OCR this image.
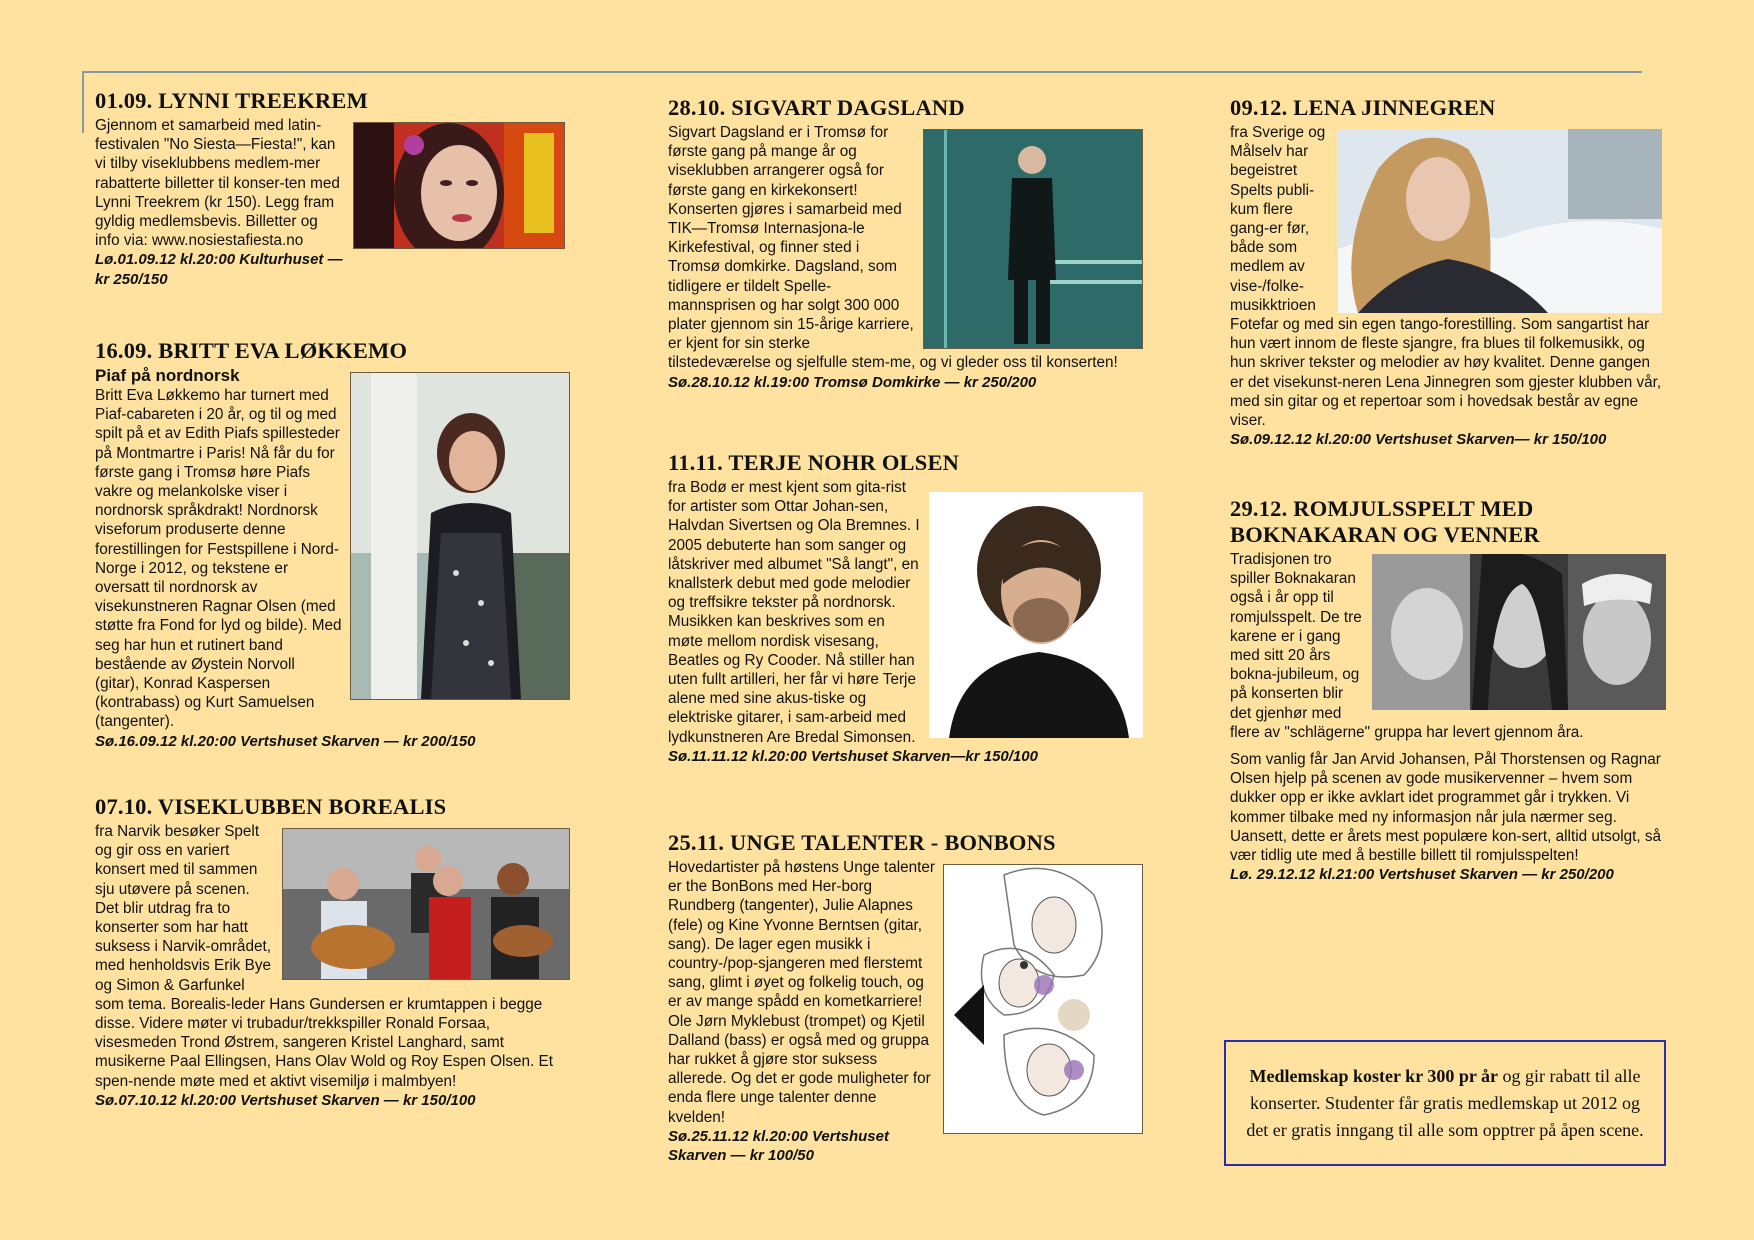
01.09. LYNNI TREEKREM

Gjennom et samarbeid med latin-festivalen "No Siesta—Fiesta!", kan vi tilby viseklubbens medlem-mer rabatterte billetter til konser-ten med Lynni Treekrem (kr 150). Legg fram gyldig medlemsbevis. Billetter og info via: www.nosiestafiesta.no

Lø.01.09.12 kl.20:00 Kulturhuset — kr 250/150

16.09. BRITT EVA LØKKEMO

Piaf på nordnorsk

Britt Eva Løkkemo har turnert med Piaf-cabareten i 20 år, og til og med spilt på et av Edith Piafs spillesteder på Montmartre i Paris! Nå får du for første gang i Tromsø høre Piafs vakre og melankolske viser i nordnorsk språkdrakt! Nordnorsk viseforum produserte denne forestillingen for Festspillene i Nord-Norge i 2012, og tekstene er oversatt til nordnorsk av visekunstneren Ragnar Olsen (med støtte fra Fond for lyd og bilde). Med seg har hun et rutinert band bestående av Øystein Norvoll (gitar), Konrad Kaspersen (kontrabass) og Kurt Samuelsen (tangenter).

Sø.16.09.12 kl.20:00 Vertshuset Skarven — kr 200/150

07.10. VISEKLUBBEN BOREALIS

fra Narvik besøker Spelt og gir oss en variert konsert med til sammen sju utøvere på scenen. Det blir utdrag fra to konserter som har hatt suksess i Narvik-området, med henholdsvis Erik Bye og Simon & Garfunkel som tema. Borealis-leder Hans Gundersen er krumtappen i begge disse. Videre møter vi trubadur/trekkspiller Ronald Forsaa, visesmeden Trond Østrem, sangeren Kristel Langhard, samt musikerne Paal Ellingsen, Hans Olav Wold og Roy Espen Olsen. Et spen-nende møte med et aktivt visemiljø i malmbyen!

Sø.07.10.12 kl.20:00 Vertshuset Skarven — kr 150/100

28.10. SIGVART DAGSLAND

Sigvart Dagsland er i Tromsø for første gang på mange år og viseklubben arrangerer også for første gang en kirkekonsert! Konserten gjøres i samarbeid med TIK—Tromsø Internasjona-le Kirkefestival, og finner sted i Tromsø domkirke. Dagsland, som tidligere er tildelt Spelle-mannsprisen og har solgt 300 000 plater gjennom sin 15-årige karriere, er kjent for sin sterke tilstedeværelse og sjelfulle stem-me, og vi gleder oss til konserten!

Sø.28.10.12 kl.19:00 Tromsø Domkirke — kr 250/200

11.11. TERJE NOHR OLSEN

fra Bodø er mest kjent som gita-rist for artister som Ottar Johan-sen, Halvdan Sivertsen og Ola Bremnes. I 2005 debuterte han som sanger og låtskriver med albumet "Så langt", en knallsterk debut med gode melodier og treffsikre tekster på nordnorsk. Musikken kan beskrives som en møte mellom nordisk visesang, Beatles og Ry Cooder. Nå stiller han uten fullt artilleri, her får vi høre Terje alene med sine akus-tiske og elektriske gitarer, i sam-arbeid med lydkunstneren Are Bredal Simonsen.

Sø.11.11.12 kl.20:00 Vertshuset Skarven—kr 150/100

25.11. UNGE TALENTER - BONBONS

Hovedartister på høstens Unge talenter er the BonBons med Her-borg Rundberg (tangenter), Julie Alapnes (fele) og Kine Yvonne Berntsen (gitar, sang). De lager egen musikk i country-/pop-sjangeren med flerstemt sang, glimt i øyet og folkelig touch, og er av mange spådd en kometkarriere! Ole Jørn Myklebust (trompet) og Kjetil Dalland (bass) er også med og gruppa har rukket å gjøre stor suksess allerede. Og det er gode muligheter for enda flere unge talenter denne kvelden!

Sø.25.11.12 kl.20:00 Vertshuset Skarven — kr 100/50

09.12. LENA JINNEGREN

fra Sverige og Målselv har begeistret Spelts publi-kum flere gang-er før, både som medlem av vise-/folke-musikktrioen Fotefar og med sin egen tango-forestilling. Som sangartist har hun vært innom de fleste sjangre, fra blues til folkemusikk, og hun skriver tekster og melodier av høy kvalitet. Denne gangen er det visekunst-neren Lena Jinnegren som gjester klubben vår, med sin gitar og et repertoar som i hovedsak består av egne viser.

Sø.09.12.12 kl.20:00 Vertshuset Skarven— kr 150/100

29.12. ROMJULSSPELT MED BOKNAKARAN OG VENNER

Tradisjonen tro spiller Boknakaran også i år opp til romjulsspelt. De tre karene er i gang med sitt 20 års bokna-jubileum, og på konserten blir det gjenhør med flere av "schlägerne" gruppa har levert gjennom åra.

Som vanlig får Jan Arvid Johansen, Pål Thorstensen og Ragnar Olsen hjelp på scenen av gode musikervenner – hvem som dukker opp er ikke avklart idet programmet går i trykken. Vi kommer tilbake med ny informasjon når jula nærmer seg. Uansett, dette er årets mest populære kon-sert, alltid utsolgt, så vær tidlig ute med å bestille billett til romjulsspelten!

Lø. 29.12.12 kl.21:00 Vertshuset Skarven — kr 250/200

Medlemskap koster kr 300 pr år og gir rabatt til alle konserter. Studenter får gratis medlemskap ut 2012 og det er gratis inngang til alle som opptrer på åpen scene.
